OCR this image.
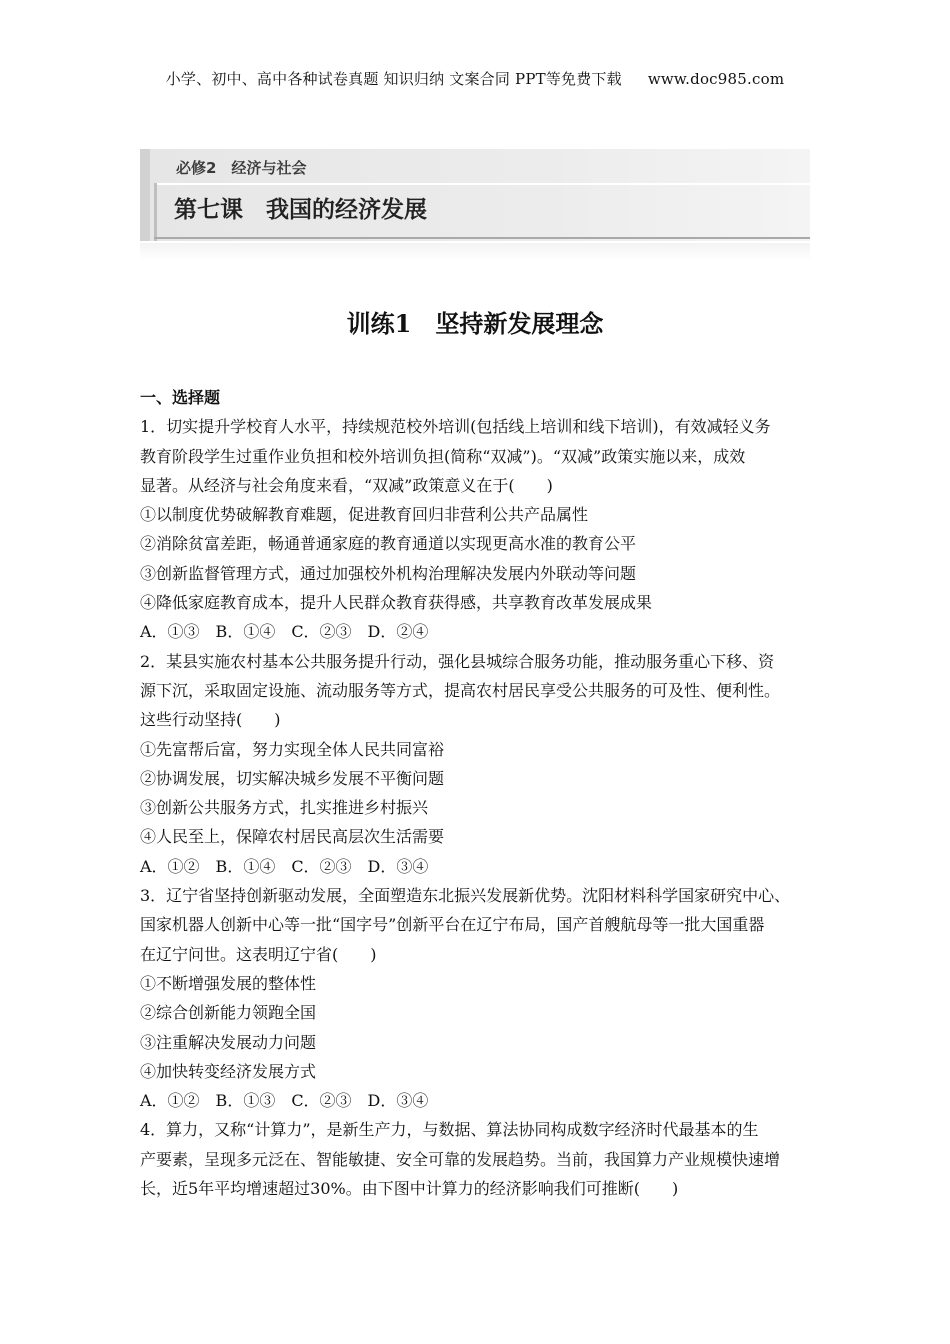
小学、初中、高中各种试卷真题 知识归纳 文案合同 PPT等免费下载 www.doc985.com
必修2　经济与社会
第七课　我国的经济发展
训练1　坚持新发展理念
一、选择题
1．切实提升学校育人水平，持续规范校外培训(包括线上培训和线下培训)，有效减轻义务
教育阶段学生过重作业负担和校外培训负担(简称“双减”)。“双减”政策实施以来，成效
显著。从经济与社会角度来看，“双减”政策意义在于(　　)
①以制度优势破解教育难题，促进教育回归非营利公共产品属性
②消除贫富差距，畅通普通家庭的教育通道以实现更高水准的教育公平
③创新监督管理方式，通过加强校外机构治理解决发展内外联动等问题
④降低家庭教育成本，提升人民群众教育获得感，共享教育改革发展成果
A．①③　B．①④　C．②③　D．②④
2．某县实施农村基本公共服务提升行动，强化县城综合服务功能，推动服务重心下移、资
源下沉，采取固定设施、流动服务等方式，提高农村居民享受公共服务的可及性、便利性。
这些行动坚持(　　)
①先富帮后富，努力实现全体人民共同富裕
②协调发展，切实解决城乡发展不平衡问题
③创新公共服务方式，扎实推进乡村振兴
④人民至上，保障农村居民高层次生活需要
A．①②　B．①④　C．②③　D．③④
3．辽宁省坚持创新驱动发展，全面塑造东北振兴发展新优势。沈阳材料科学国家研究中心、
国家机器人创新中心等一批“国字号”创新平台在辽宁布局，国产首艘航母等一批大国重器
在辽宁问世。这表明辽宁省(　　)
①不断增强发展的整体性
②综合创新能力领跑全国
③注重解决发展动力问题
④加快转变经济发展方式
A．①②　B．①③　C．②③　D．③④
4．算力，又称“计算力”，是新生产力，与数据、算法协同构成数字经济时代最基本的生
产要素，呈现多元泛在、智能敏捷、安全可靠的发展趋势。当前，我国算力产业规模快速增
长，近5年平均增速超过30%。由下图中计算力的经济影响我们可推断(　　)
